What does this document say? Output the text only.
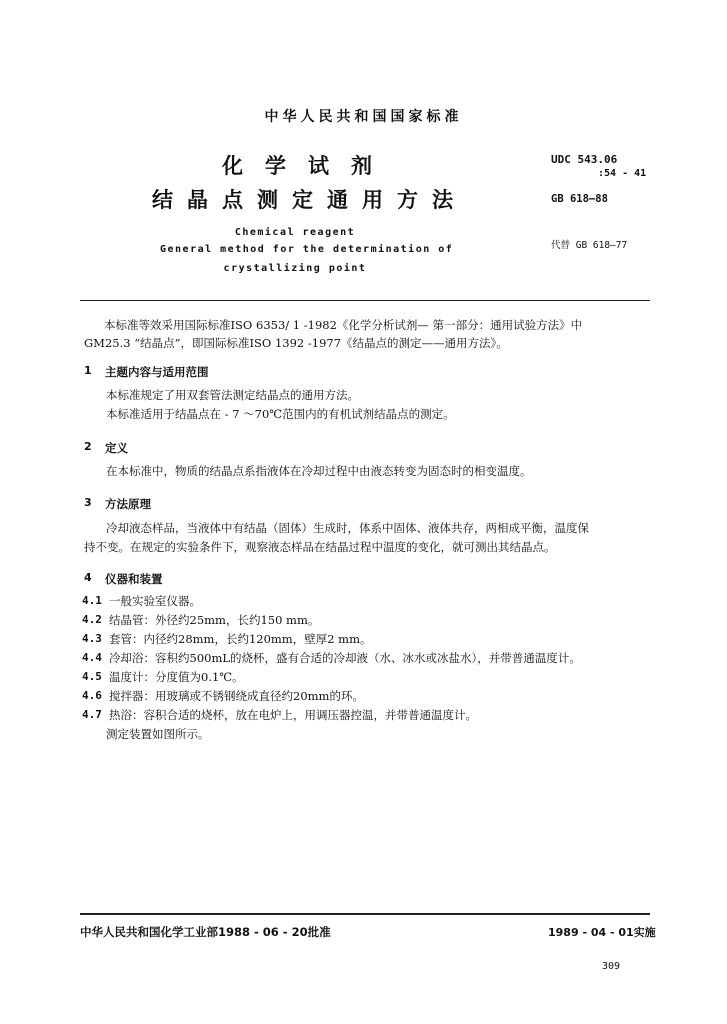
中华人民共和国国家标准
化学试剂
结晶点测定通用方法
Chemical reagent
General method for the determination of
crystallizing point
UDC 543.06
:54 - 41
GB 618—88
代替 GB 618—77
本标准等效采用国际标准ISO 6353/ 1 -1982《化学分析试剂— 第一部分：通用试验方法》中
GM25.3 “结晶点”，即国际标准ISO 1392 -1977《结晶点的测定——通用方法》。
1 主题内容与适用范围
本标准规定了用双套管法测定结晶点的通用方法。
本标准适用于结晶点在 - 7 ～70℃范围内的有机试剂结晶点的测定。
2 定义
在本标准中，物质的结晶点系指液体在冷却过程中由液态转变为固态时的相变温度。
3 方法原理
冷却液态样品，当液体中有结晶（固体）生成时，体系中固体、液体共存，两相成平衡，温度保
持不变。在规定的实验条件下，观察液态样品在结晶过程中温度的变化，就可测出其结晶点。
4 仪器和装置
4.1 一般实验室仪器。
4.2 结晶管：外径约25mm，长约150 mm。
4.3 套管：内径约28mm，长约120mm，壁厚2 mm。
4.4 冷却浴：容积约500mL的烧杯，盛有合适的冷却液（水、冰水或冰盐水），并带普通温度计。
4.5 温度计：分度值为0.1℃。
4.6 搅拌器：用玻璃或不锈钢绕成直径约20mm的环。
4.7 热浴：容积合适的烧杯，放在电炉上，用调压器控温，并带普通温度计。
测定装置如图所示。
中华人民共和国化学工业部1988 - 06 - 20批准	1989 - 04 - 01实施
309
